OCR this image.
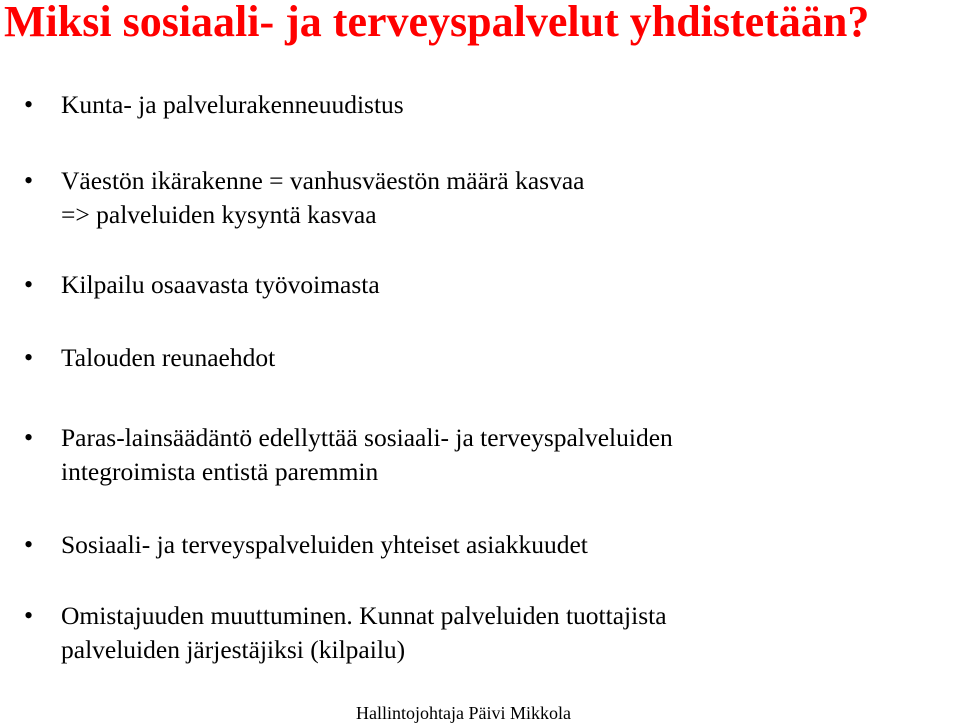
Miksi sosiaali- ja terveyspalvelut yhdistetään?
• Kunta- ja palvelurakenneuudistus
• Väestön ikärakenne = vanhusväestön määrä kasvaa
=> palveluiden kysyntä kasvaa
• Kilpailu osaavasta työvoimasta
• Talouden reunaehdot
• Paras-lainsäädäntö edellyttää sosiaali- ja terveyspalveluiden
integroimista entistä paremmin
• Sosiaali- ja terveyspalveluiden yhteiset asiakkuudet
• Omistajuuden muuttuminen. Kunnat palveluiden tuottajista
palveluiden järjestäjiksi (kilpailu)
Hallintojohtaja Päivi Mikkola
